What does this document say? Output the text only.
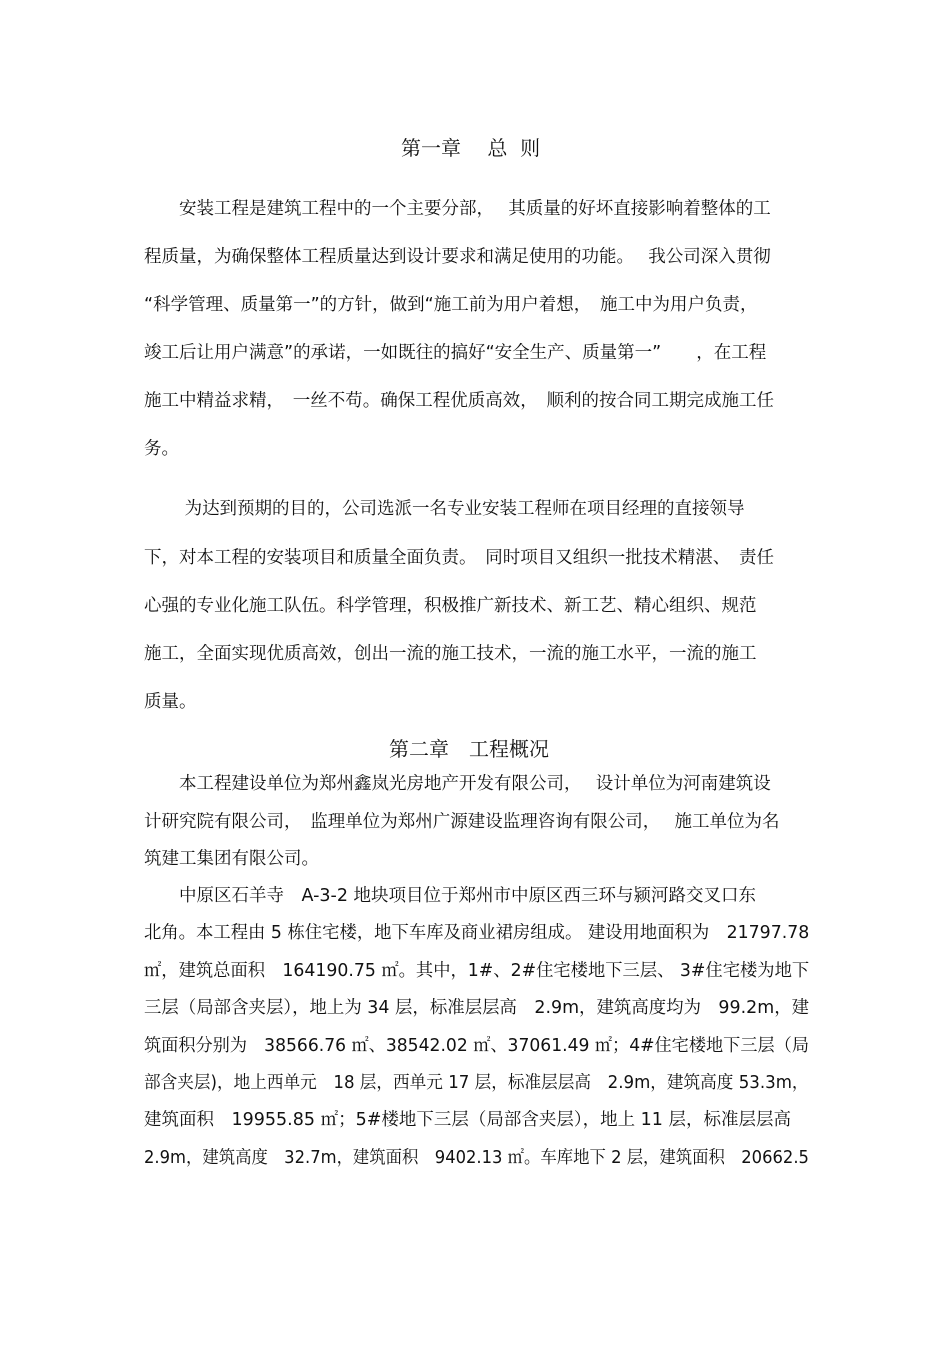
第一章　 总  则
　　安装工程是建筑工程中的一个主要分部，　 其质量的好坏直接影响着整体的工
程质量，为确保整体工程质量达到设计要求和满足使用的功能。　 我公司深入贯彻
“科学管理、质量第一”的方针，做到“施工前为用户着想，　施工中为用户负责，
竣工后让用户满意”的承诺，一如既往的搞好“安全生产、质量第一”　　，在工程
施工中精益求精，　一丝不苟。确保工程优质高效，　顺利的按合同工期完成施工任
务。
　　 为达到预期的目的，公司选派一名专业安装工程师在项目经理的直接领导
下，对本工程的安装项目和质量全面负责。　同时项目又组织一批技术精湛、　责任
心强的专业化施工队伍。科学管理，积极推广新技术、新工艺、精心组织、规范
施工，全面实现优质高效，创出一流的施工技术，一流的施工水平，一流的施工
质量。
第二章　工程概况
　　本工程建设单位为郑州鑫岚光房地产开发有限公司，　 设计单位为河南建筑设
计研究院有限公司，　监理单位为郑州广源建设监理咨询有限公司，　 施工单位为名
筑建工集团有限公司。
　　中原区石羊寺　A-3-2 地块项目位于郑州市中原区西三环与颍河路交叉口东
北角。本工程由 5 栋住宅楼，地下车库及商业裙房组成。 建设用地面积为　21797.78
㎡，建筑总面积　164190.75 ㎡。其中，1#、2#住宅楼地下三层、 3#住宅楼为地下
三层（局部含夹层），地上为 34 层，标准层层高　2.9m，建筑高度均为　99.2m，建
筑面积分别为　38566.76 ㎡、38542.02 ㎡、37061.49 ㎡；4#住宅楼地下三层（局
部含夹层)，地上西单元　18 层，西单元 17 层，标准层层高　2.9m，建筑高度 53.3m，
建筑面积　19955.85 ㎡；5#楼地下三层（局部含夹层），地上 11 层，标准层层高
2.9m，建筑高度　32.7m，建筑面积　9402.13 ㎡。车库地下 2 层，建筑面积　20662.5
